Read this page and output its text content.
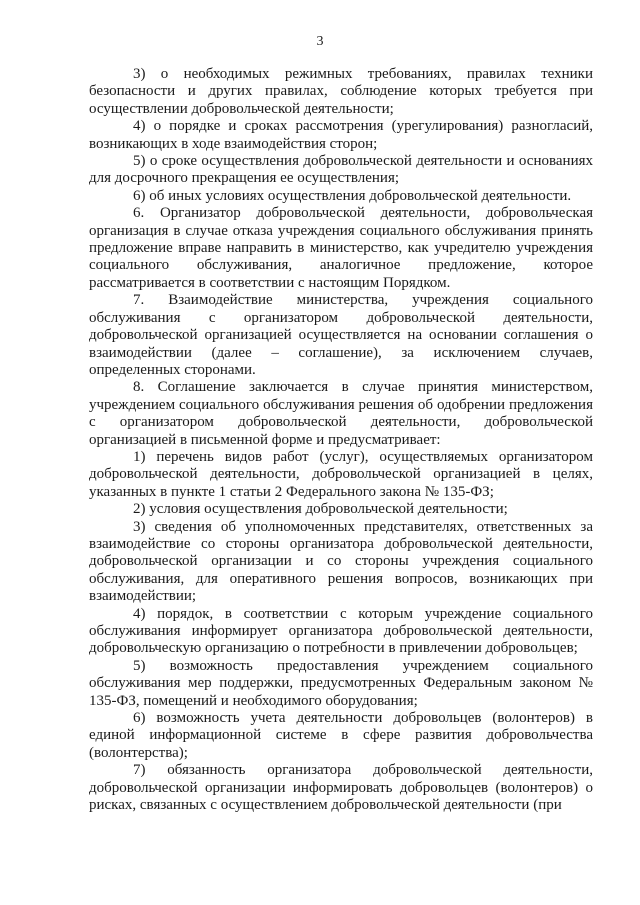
3

3) о необходимых режимных требованиях, правилах техники безопасности и других правилах, соблюдение которых требуется при осуществлении добровольческой деятельности;

4) о порядке и сроках рассмотрения (урегулирования) разногласий, возникающих в ходе взаимодействия сторон;

5) о сроке осуществления добровольческой деятельности и основаниях для досрочного прекращения ее осуществления;

6) об иных условиях осуществления добровольческой деятельности.

6. Организатор добровольческой деятельности, добровольческая организация в случае отказа учреждения социального обслуживания принять предложение вправе направить в министерство, как учредителю учреждения социального обслуживания, аналогичное предложение, которое рассматривается в соответствии с настоящим Порядком.

7. Взаимодействие министерства, учреждения социального обслуживания с организатором добровольческой деятельности, добровольческой организацией осуществляется на основании соглашения о взаимодействии (далее – соглашение), за исключением случаев, определенных сторонами.

8. Соглашение заключается в случае принятия министерством, учреждением социального обслуживания решения об одобрении предложения с организатором добровольческой деятельности, добровольческой организацией в письменной форме и предусматривает:

1) перечень видов работ (услуг), осуществляемых организатором добровольческой деятельности, добровольческой организацией в целях, указанных в пункте 1 статьи 2 Федерального закона № 135-ФЗ;

2) условия осуществления добровольческой деятельности;

3) сведения об уполномоченных представителях, ответственных за взаимодействие со стороны организатора добровольческой деятельности, добровольческой организации и со стороны учреждения социального обслуживания, для оперативного решения вопросов, возникающих при взаимодействии;

4) порядок, в соответствии с которым учреждение социального обслуживания информирует организатора добровольческой деятельности, добровольческую организацию о потребности в привлечении добровольцев;

5) возможность предоставления учреждением социального обслуживания мер поддержки, предусмотренных Федеральным законом № 135-ФЗ, помещений и необходимого оборудования;

6) возможность учета деятельности добровольцев (волонтеров) в единой информационной системе в сфере развития добровольчества (волонтерства);

7) обязанность организатора добровольческой деятельности, добровольческой организации информировать добровольцев (волонтеров) о рисках, связанных с осуществлением добровольческой деятельности (при
